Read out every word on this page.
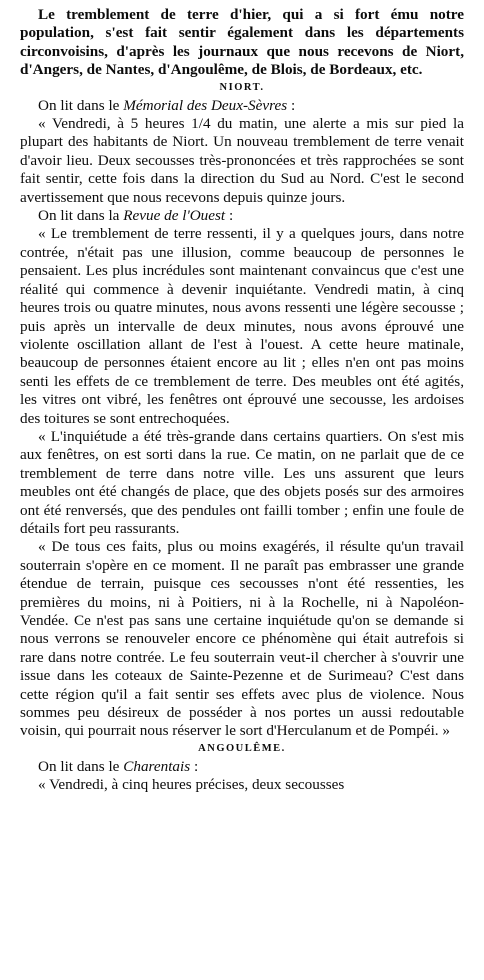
Le tremblement de terre d'hier, qui a si fort ému notre population, s'est fait sentir également dans les départements circonvoisins, d'après les journaux que nous recevons de Niort, d'Angers, de Nantes, d'Angoulême, de Blois, de Bordeaux, etc.

NIORT.

On lit dans le Mémorial des Deux-Sèvres :

« Vendredi, à 5 heures 1/4 du matin, une alerte a mis sur pied la plupart des habitants de Niort. Un nouveau tremblement de terre venait d'avoir lieu. Deux secousses très-prononcées et très rapprochées se sont fait sentir, cette fois dans la direction du Sud au Nord. C'est le second avertissement que nous recevons depuis quinze jours.

On lit dans la Revue de l'Ouest :

« Le tremblement de terre ressenti, il y a quelques jours, dans notre contrée, n'était pas une illusion, comme beaucoup de personnes le pensaient. Les plus incrédules sont maintenant convaincus que c'est une réalité qui commence à devenir inquiétante. Vendredi matin, à cinq heures trois ou quatre minutes, nous avons ressenti une légère secousse ; puis après un intervalle de deux minutes, nous avons éprouvé une violente oscillation allant de l'est à l'ouest. A cette heure matinale, beaucoup de personnes étaient encore au lit ; elles n'en ont pas moins senti les effets de ce tremblement de terre. Des meubles ont été agités, les vitres ont vibré, les fenêtres ont éprouvé une secousse, les ardoises des toitures se sont entrechoquées.

« L'inquiétude a été très-grande dans certains quartiers. On s'est mis aux fenêtres, on est sorti dans la rue. Ce matin, on ne parlait que de ce tremblement de terre dans notre ville. Les uns assurent que leurs meubles ont été changés de place, que des objets posés sur des armoires ont été renversés, que des pendules ont failli tomber ; enfin une foule de détails fort peu rassurants.

« De tous ces faits, plus ou moins exagérés, il résulte qu'un travail souterrain s'opère en ce moment. Il ne paraît pas embrasser une grande étendue de terrain, puisque ces secousses n'ont été ressenties, les premières du moins, ni à Poitiers, ni à la Rochelle, ni à Napoléon-Vendée. Ce n'est pas sans une certaine inquiétude qu'on se demande si nous verrons se renouveler encore ce phénomène qui était autrefois si rare dans notre contrée. Le feu souterrain veut-il chercher à s'ouvrir une issue dans les coteaux de Sainte-Pezenne et de Surimeau? C'est dans cette région qu'il a fait sentir ses effets avec plus de violence. Nous sommes peu désireux de posséder à nos portes un aussi redoutable voisin, qui pourrait nous réserver le sort d'Herculanum et de Pompéi. »

ANGOULÊME.

On lit dans le Charentais :

« Vendredi, à cinq heures précises, deux secousses
